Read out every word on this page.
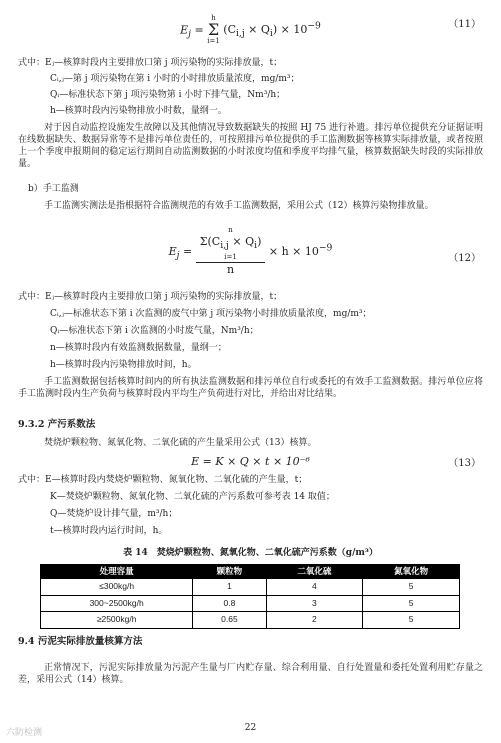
$E_j$ =
h
Σ
i=1
$(C_{i,j} \times Q_i) \times 10^{-9}$	（11）
式中：Eⱼ—核算时段内主要排放口第 j 项污染物的实际排放量，t；
Cᵢ,ⱼ—第 j 项污染物在第 i 小时的小时排放质量浓度，mg/m³；
Qᵢ—标准状态下第 j 项污染物第 i 小时下排气量，Nm³/h；
h—核算时段内污染物排放小时数，量纲一。
对于因自动监控设施发生故障以及其他情况导致数据缺失的按照 HJ 75 进行补遗。排污单位提供充分证据证明在线数据缺失、数据异常等不是排污单位责任的，可按照排污单位提供的手工监测数据等核算实际排放量，或者按照上一个季度申报期间的稳定运行期间自动监测数据的小时浓度均值和季度平均排气量，核算数据缺失时段的实际排放量。
b）手工监测
手工监测实测法是指根据符合监测规范的有效手工监测数据，采用公式（12）核算污染物排放量。
$E_j = n$
$\Sigma(C_{i,j} \times Q_i)$
i=1
$n \times h \times 10^{-9}$
（12）
式中：Eⱼ—核算时段内主要排放口第 j 项污染物的实际排放量，t；
Cᵢ,ⱼ—标准状态下第 i 次监测的废气中第 j 项污染物小时排放质量浓度，mg/m³；
Qᵢ—标准状态下第 i 次监测的小时废气量，Nm³/h；
n—核算时段内有效监测数据数量，量纲一；
h—核算时段内污染物排放时间，h。
手工监测数据包括核算时间内的所有执法监测数据和排污单位自行或委托的有效手工监测数据。排污单位应将手工监测时段内生产负荷与核算时段内平均生产负荷进行对比，并给出对比结果。
9.3.2 产污系数法
焚烧炉颗粒物、氮氧化物、二氧化硫的产生量采用公式（13）核算。
E = K × Q × t × 10⁻⁶	（13）
式中：E—核算时段内焚烧炉颗粒物、氮氧化物、二氧化硫的产生量，t；
K—焚烧炉颗粒物、氮氧化物、二氧化硫的产污系数可参考表 14 取值；
Q—焚烧炉设计排气量，m³/h；
t—核算时段内运行时间，h。
表 14　焚烧炉颗粒物、氮氧化物、二氧化硫产污系数（g/m³）
处理容量	颗粒物	二氧化硫	氮氧化物
≤300kg/h	1	4	5
300~2500kg/h	0.8	3	5
≥2500kg/h	0.65	2	5
9.4 污泥实际排放量核算方法
正常情况下，污泥实际排放量为污泥产生量与厂内贮存量、综合利用量、自行处置量和委托处置利用贮存量之差，采用公式（14）核算。
22
六防检测
